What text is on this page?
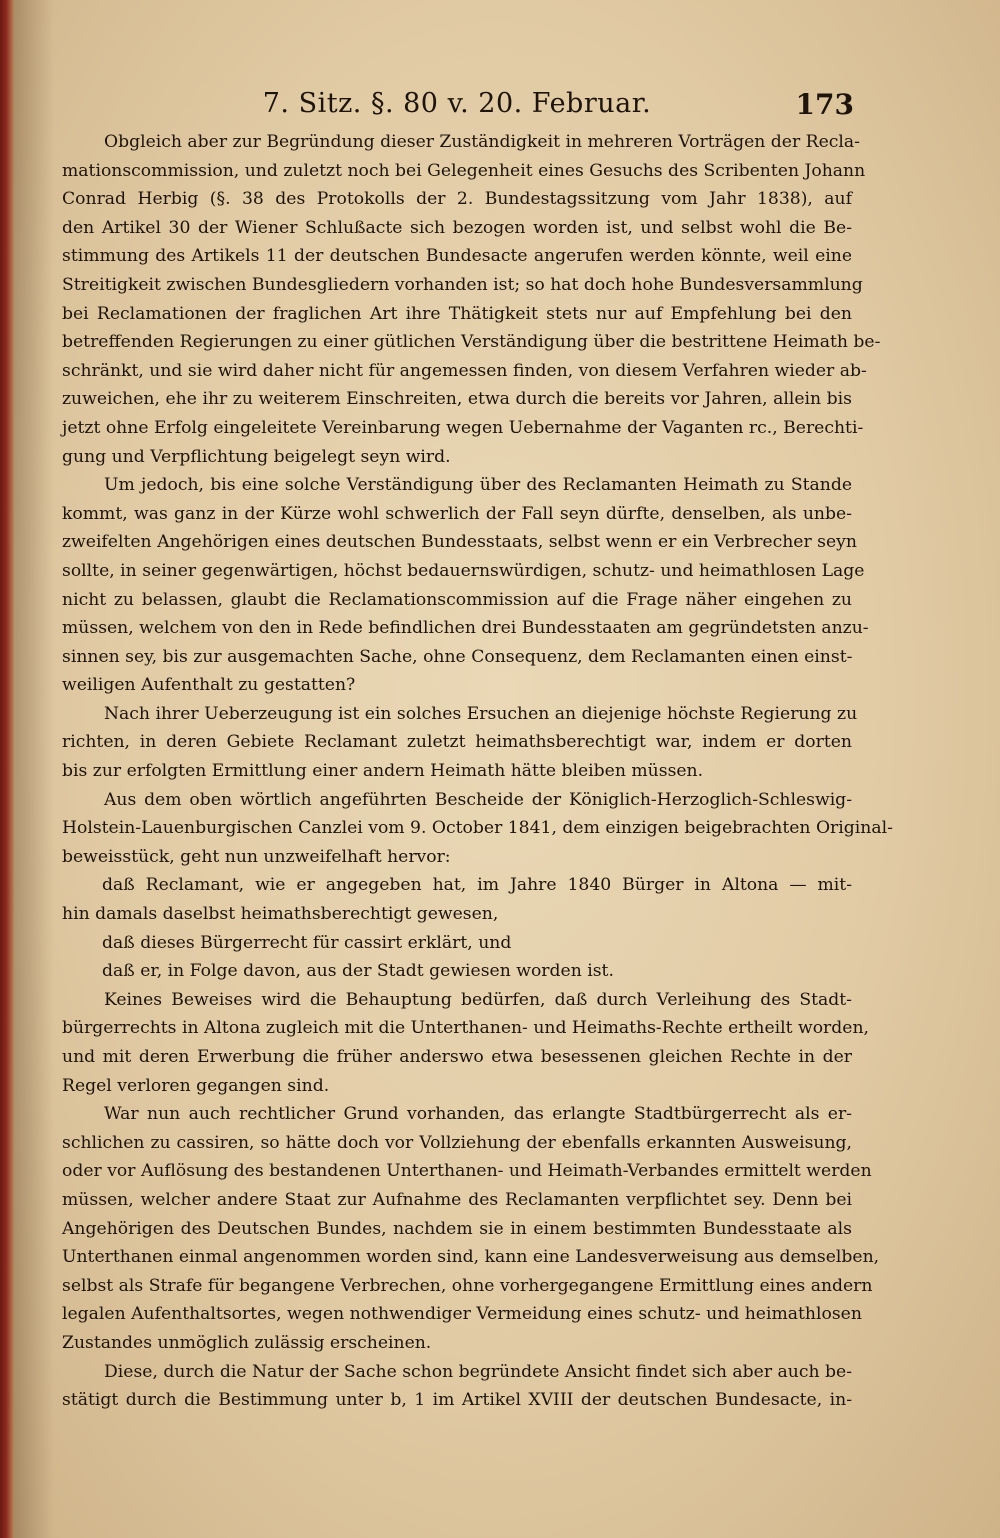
7. Sitz. §. 80 v. 20. Februar.	173
Obgleich aber zur Begründung dieser Zuständigkeit in mehreren Vorträgen der Recla-
mationscommission, und zuletzt noch bei Gelegenheit eines Gesuchs des Scribenten Johann
Conrad Herbig (§. 38 des Protokolls der 2. Bundestagssitzung vom Jahr 1838), auf
den Artikel 30 der Wiener Schlußacte sich bezogen worden ist, und selbst wohl die Be-
stimmung des Artikels 11 der deutschen Bundesacte angerufen werden könnte, weil eine
Streitigkeit zwischen Bundesgliedern vorhanden ist; so hat doch hohe Bundesversammlung
bei Reclamationen der fraglichen Art ihre Thätigkeit stets nur auf Empfehlung bei den
betreffenden Regierungen zu einer gütlichen Verständigung über die bestrittene Heimath be-
schränkt, und sie wird daher nicht für angemessen finden, von diesem Verfahren wieder ab-
zuweichen, ehe ihr zu weiterem Einschreiten, etwa durch die bereits vor Jahren, allein bis
jetzt ohne Erfolg eingeleitete Vereinbarung wegen Uebernahme der Vaganten rc., Berechti-
gung und Verpflichtung beigelegt seyn wird.
Um jedoch, bis eine solche Verständigung über des Reclamanten Heimath zu Stande
kommt, was ganz in der Kürze wohl schwerlich der Fall seyn dürfte, denselben, als unbe-
zweifelten Angehörigen eines deutschen Bundesstaats, selbst wenn er ein Verbrecher seyn
sollte, in seiner gegenwärtigen, höchst bedauernswürdigen, schutz- und heimathlosen Lage
nicht zu belassen, glaubt die Reclamationscommission auf die Frage näher eingehen zu
müssen, welchem von den in Rede befindlichen drei Bundesstaaten am gegründetsten anzu-
sinnen sey, bis zur ausgemachten Sache, ohne Consequenz, dem Reclamanten einen einst-
weiligen Aufenthalt zu gestatten?
Nach ihrer Ueberzeugung ist ein solches Ersuchen an diejenige höchste Regierung zu
richten, in deren Gebiete Reclamant zuletzt heimathsberechtigt war, indem er dorten
bis zur erfolgten Ermittlung einer andern Heimath hätte bleiben müssen.
Aus dem oben wörtlich angeführten Bescheide der Königlich-Herzoglich-Schleswig-
Holstein-Lauenburgischen Canzlei vom 9. October 1841, dem einzigen beigebrachten Original-
beweisstück, geht nun unzweifelhaft hervor:
daß Reclamant, wie er angegeben hat, im Jahre 1840 Bürger in Altona — mit-
hin damals daselbst heimathsberechtigt gewesen,
daß dieses Bürgerrecht für cassirt erklärt, und
daß er, in Folge davon, aus der Stadt gewiesen worden ist.
Keines Beweises wird die Behauptung bedürfen, daß durch Verleihung des Stadt-
bürgerrechts in Altona zugleich mit die Unterthanen- und Heimaths-Rechte ertheilt worden,
und mit deren Erwerbung die früher anderswo etwa besessenen gleichen Rechte in der
Regel verloren gegangen sind.
War nun auch rechtlicher Grund vorhanden, das erlangte Stadtbürgerrecht als er-
schlichen zu cassiren, so hätte doch vor Vollziehung der ebenfalls erkannten Ausweisung,
oder vor Auflösung des bestandenen Unterthanen- und Heimath-Verbandes ermittelt werden
müssen, welcher andere Staat zur Aufnahme des Reclamanten verpflichtet sey. Denn bei
Angehörigen des Deutschen Bundes, nachdem sie in einem bestimmten Bundesstaate als
Unterthanen einmal angenommen worden sind, kann eine Landesverweisung aus demselben,
selbst als Strafe für begangene Verbrechen, ohne vorhergegangene Ermittlung eines andern
legalen Aufenthaltsortes, wegen nothwendiger Vermeidung eines schutz- und heimathlosen
Zustandes unmöglich zulässig erscheinen.
Diese, durch die Natur der Sache schon begründete Ansicht findet sich aber auch be-
stätigt durch die Bestimmung unter b, 1 im Artikel XVIII der deutschen Bundesacte, in-
